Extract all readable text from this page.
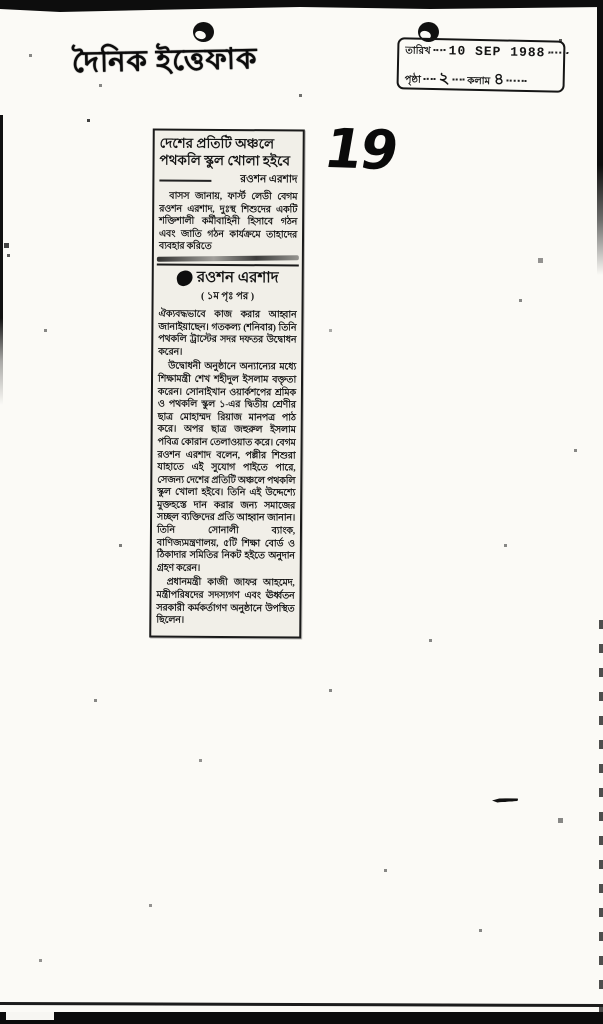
দৈনিক ইত্তেফাক	তারিখ 10 SEP 1988
পৃষ্ঠা ২ কলাম ৪
19
দেশের প্রতিটি অঞ্চলে পথকলি স্কুল খোলা হইবে
রওশন এরশাদ

বাসস জানায়, ফার্স্ট লেডী বেগম রওশন এরশাদ, দুঃস্থ শিশুদের একটি শক্তিশালী কর্মীবাহিনী হিসাবে গঠন এবং জাতি গঠন কার্যক্রমে তাহাদের ব্যবহার করিতে

রওশন এরশাদ
( ১ম পৃঃ পর )

ঐক্যবদ্ধভাবে কাজ করার আহ্বান জানাইয়াছেন। গতকল্য (শনিবার) তিনি পথকলি ট্রাস্টের সদর দফতর উদ্বোধন করেন।

উদ্বোধনী অনুষ্ঠানে অন্যান্যের মধ্যে শিক্ষামন্ত্রী শেখ শহীদুল ইসলাম বক্তৃতা করেন। সোনাইখান ওয়ার্কশপের শ্রমিক ও পথকলি স্কুল ১-এর দ্বিতীয় শ্রেণীর ছাত্র মোহাম্মদ রিয়াজ মানপত্র পাঠ করে। অপর ছাত্র জহুরুল ইসলাম পবিত্র কোরান তেলাওয়াত করে। বেগম রওশন এরশাদ বলেন, পল্লীর শিশুরা যাহাতে এই সুযোগ পাইতে পারে, সেজন্য দেশের প্রতিটি অঞ্চলে পথকলি স্কুল খোলা হইবে। তিনি এই উদ্দেশ্যে মুক্তহস্তে দান করার জন্য সমাজের সচ্ছল ব্যক্তিদের প্রতি আহ্বান জানান। তিনি সোনালী ব্যাংক, বাণিজ্যমন্ত্রণালয়, ৫টি শিক্ষা বোর্ড ও ঠিকাদার সমিতির নিকট হইতে অনুদান গ্রহণ করেন।

প্রধানমন্ত্রী কাজী জাফর আহমেদ, মন্ত্রীপরিষদের সদস্যগণ এবং ঊর্ধ্বতন সরকারী কর্মকর্তাগণ অনুষ্ঠানে উপস্থিত ছিলেন।
